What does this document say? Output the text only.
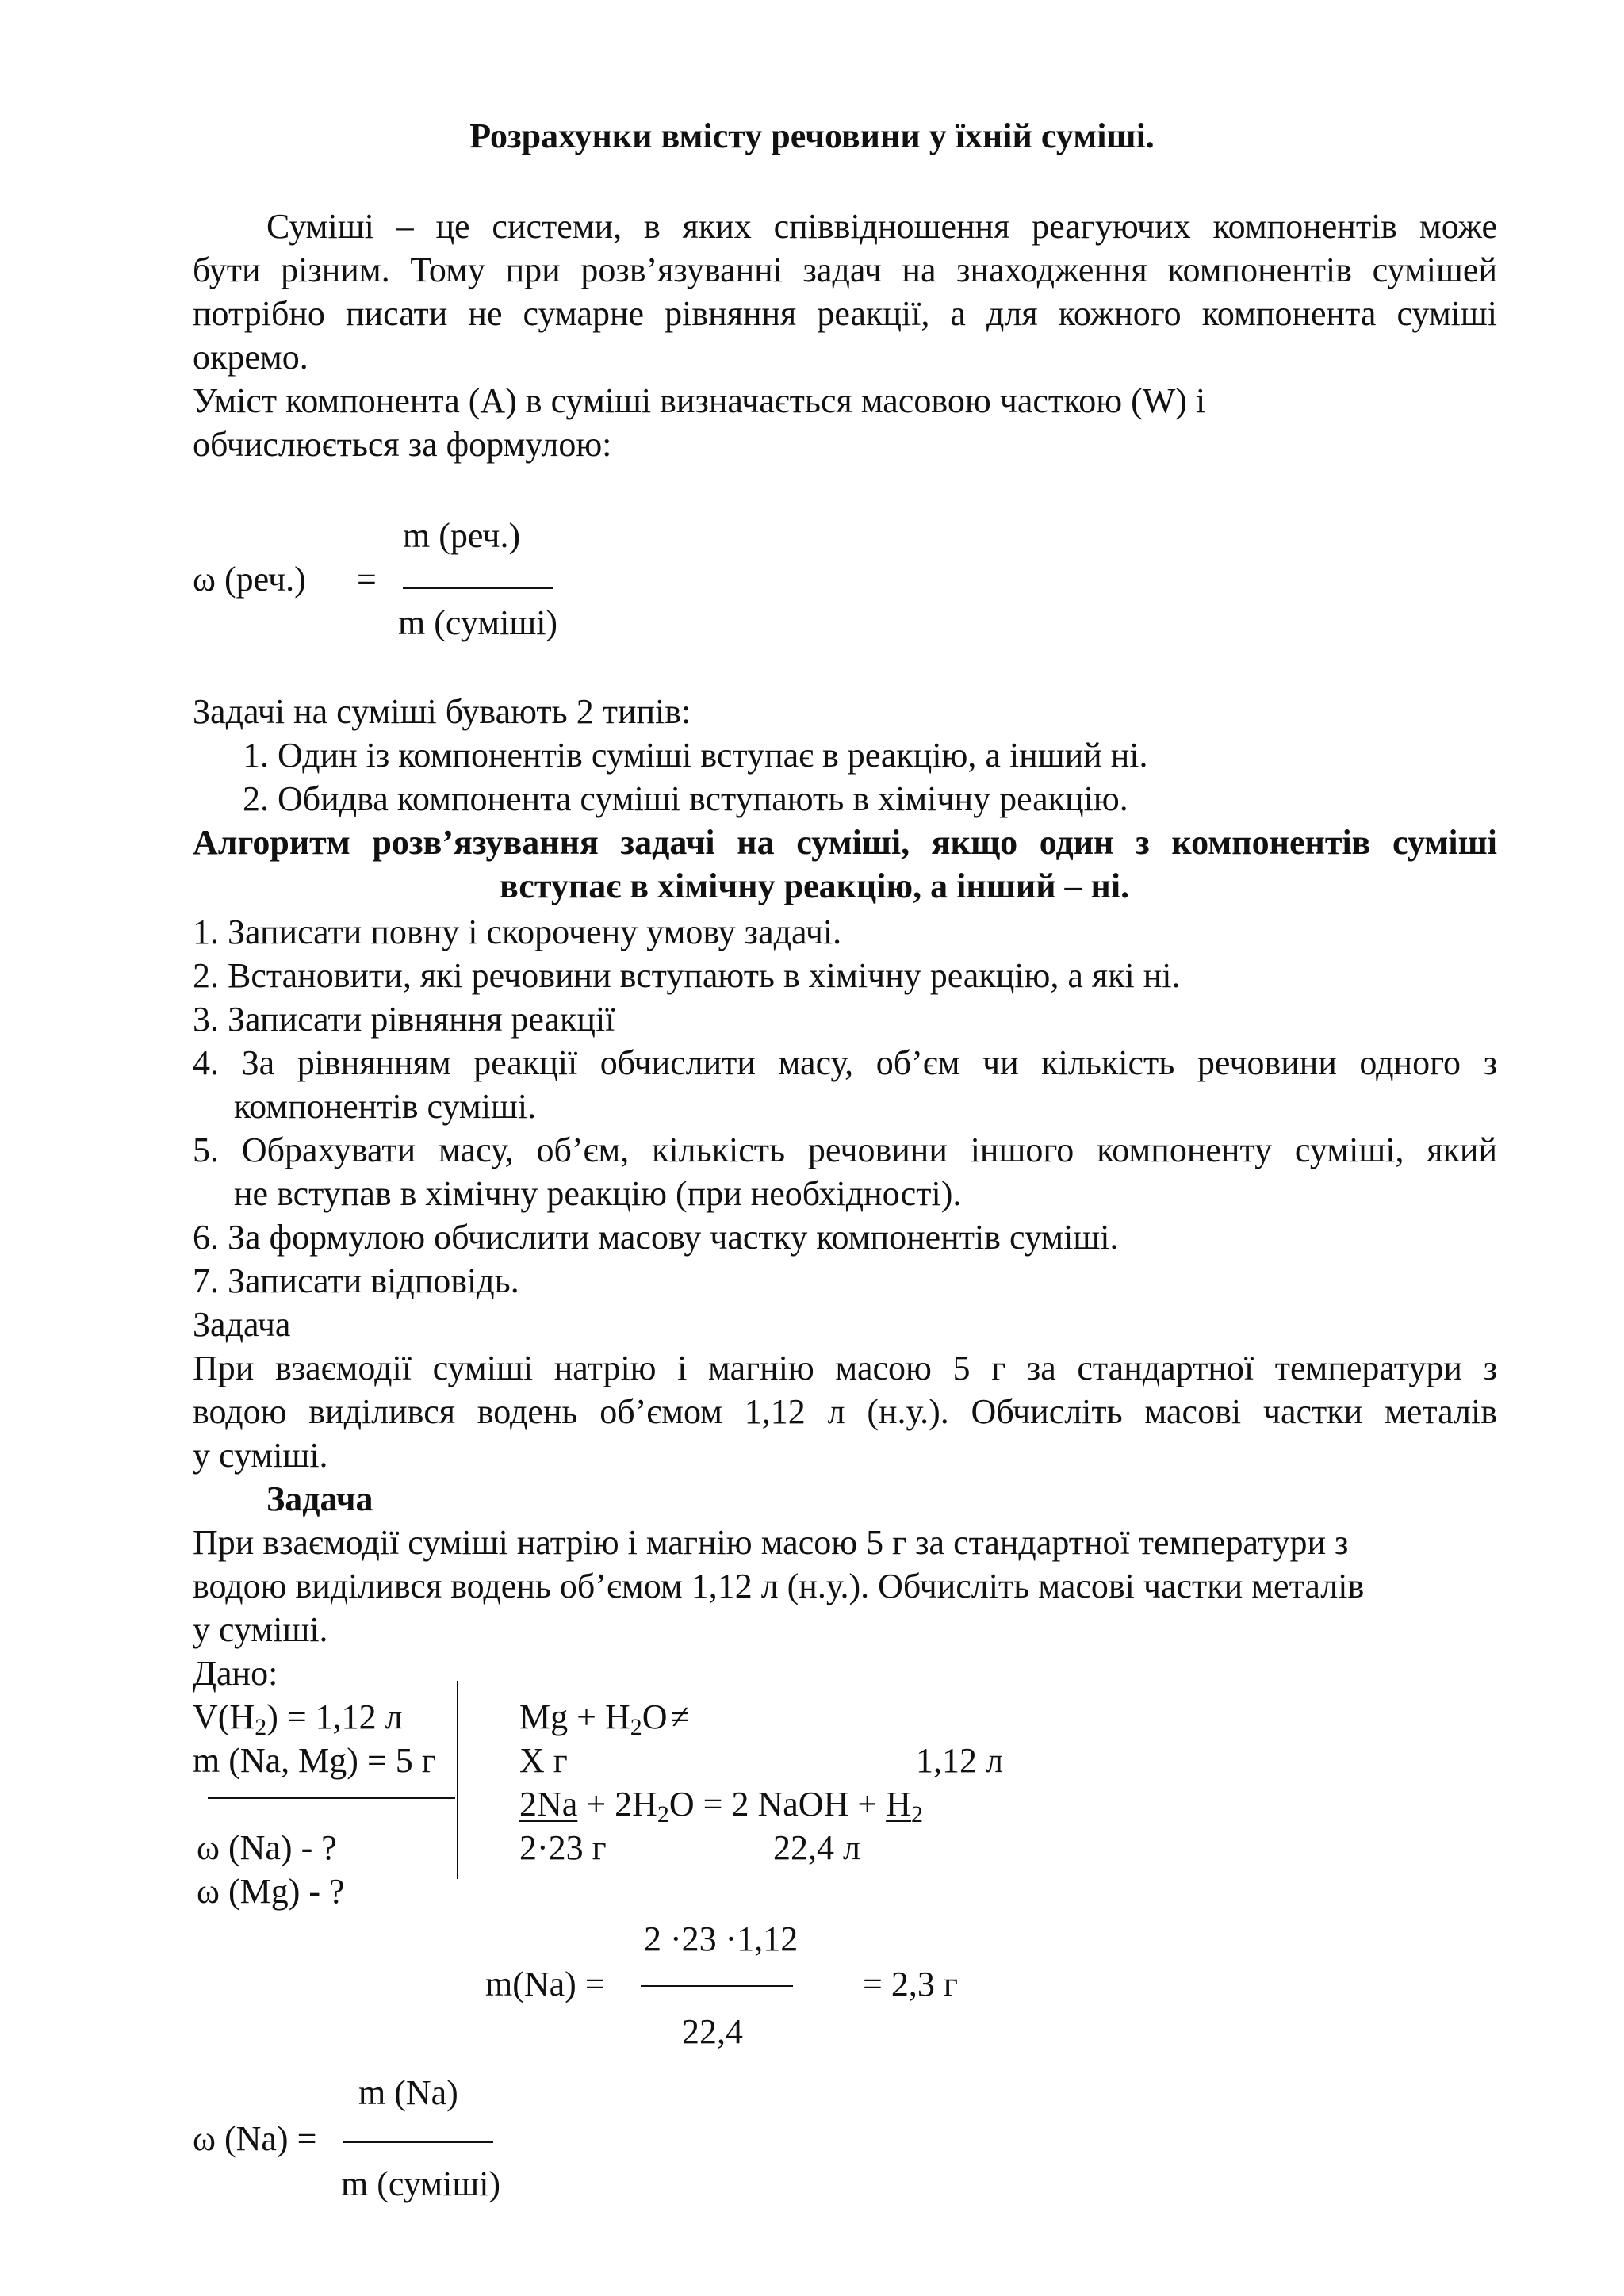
Розрахунки вмісту речовини у їхній суміші.
Суміші – це системи, в яких співвідношення реагуючих компонентів може
бути різним. Тому при розв’язуванні задач на знаходження компонентів сумішей
потрібно писати не сумарне рівняння реакції, а для кожного компонента суміші
окремо.
Уміст компонента (А) в суміші визначається масовою часткою (W) і
обчислюється за формулою:
m (реч.)
ω (реч.) =
m (суміші)
Задачі на суміші бувають 2 типів:
1. Один із компонентів суміші вступає в реакцію, а інший ні.
2. Обидва компонента суміші вступають в хімічну реакцію.
Алгоритм розв’язування задачі на суміші, якщо один з компонентів суміші
вступає в хімічну реакцію, а інший – ні.
1. Записати повну і скорочену умову задачі.
2. Встановити, які речовини вступають в хімічну реакцію, а які ні.
3. Записати рівняння реакції
4. За рівнянням реакції обчислити масу, об’єм чи кількість речовини одного з
компонентів суміші.
5. Обрахувати масу, об’єм, кількість речовини іншого компоненту суміші, який
не вступав в хімічну реакцію (при необхідності).
6. За формулою обчислити масову частку компонентів суміші.
7. Записати відповідь.
Задача
При взаємодії суміші натрію і магнію масою 5 г за стандартної температури з
водою виділився водень об’ємом 1,12 л (н.у.). Обчисліть масові частки металів
у суміші.
Задача
При взаємодії суміші натрію і магнію масою 5 г за стандартної температури з
водою виділився водень об’ємом 1,12 л (н.у.). Обчисліть масові частки металів
у суміші.
Дано:
$V(H_2) = 1,12$ л
m (Na, Mg) = 5 г
ω (Na) - ?
ω (Mg) - ?
$Mg + H_2O\ne$
X г	1,12 л
$2Na + 2H_2O = 2$ NaOH + $H_2$
2·23 г	22,4 л
2 ·23 ·1,12
m(Na) =	= 2,3 г
22,4
m (Na)
ω (Na) =
m (суміші)
